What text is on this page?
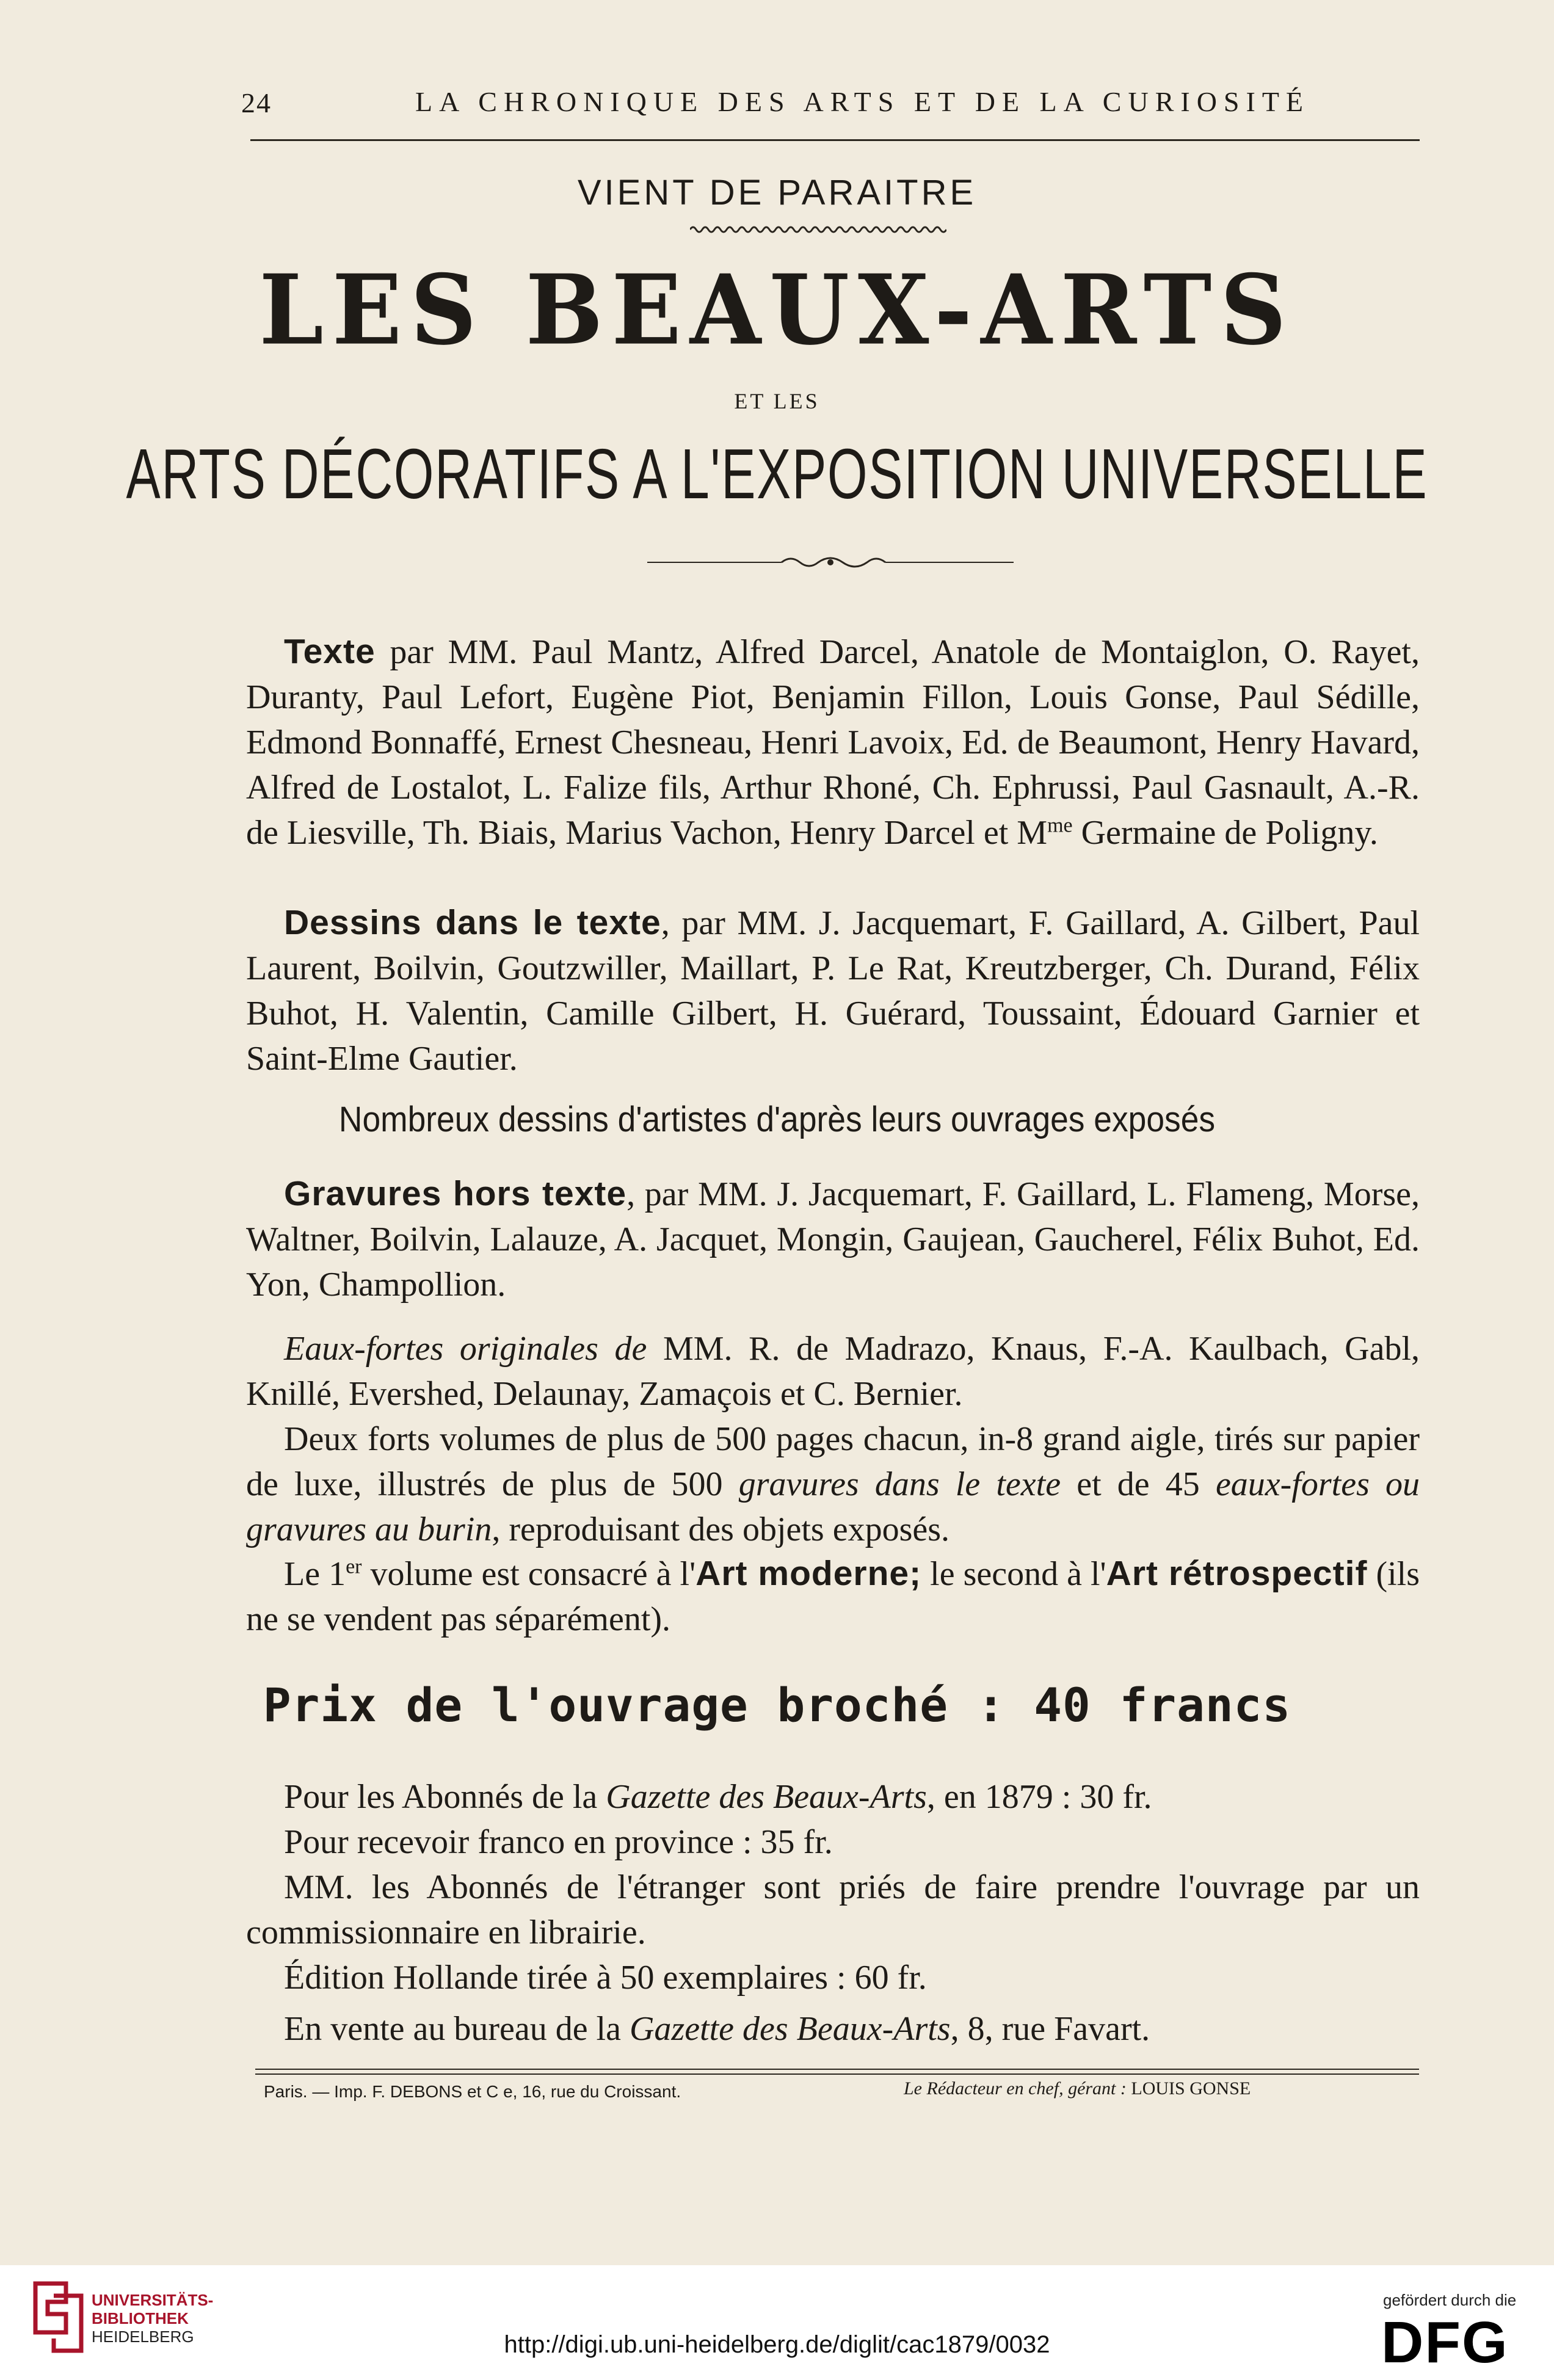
24	LA CHRONIQUE DES ARTS ET DE LA CURIOSITÉ
VIENT DE PARAITRE
LES BEAUX-ARTS
ET LES
ARTS DÉCORATIFS A L'EXPOSITION UNIVERSELLE
Texte par MM. Paul Mantz, Alfred Darcel, Anatole de Montaiglon, O. Rayet, Duranty, Paul Lefort, Eugène Piot, Benjamin Fillon, Louis Gonse, Paul Sédille, Edmond Bonnaffé, Ernest Chesneau, Henri Lavoix, Ed. de Beaumont, Henry Havard, Alfred de Lostalot, L. Falize fils, Arthur Rhoné, Ch. Ephrussi, Paul Gasnault, A.-R. de Liesville, Th. Biais, Marius Vachon, Henry Darcel et $M^{me}$ Germaine de Poligny.
Dessins dans le texte, par MM. J. Jacquemart, F. Gaillard, A. Gilbert, Paul Laurent, Boilvin, Goutzwiller, Maillart, P. Le Rat, Kreutzberger, Ch. Durand, Félix Buhot, H. Valentin, Camille Gilbert, H. Guérard, Toussaint, Édouard Garnier et Saint-Elme Gautier.
Nombreux dessins d'artistes d'après leurs ouvrages exposés
Gravures hors texte, par MM. J. Jacquemart, F. Gaillard, L. Flameng, Morse, Waltner, Boilvin, Lalauze, A. Jacquet, Mongin, Gaujean, Gaucherel, Félix Buhot, Ed. Yon, Champollion.
Eaux-fortes originales de MM. R. de Madrazo, Knaus, F.-A. Kaulbach, Gabl, Knillé, Evershed, Delaunay, Zamaçois et C. Bernier.
Deux forts volumes de plus de 500 pages chacun, in-8 grand aigle, tirés sur papier de luxe, illustrés de plus de 500 gravures dans le texte et de 45 eaux-fortes ou gravures au burin, reproduisant des objets exposés.
Le 1er volume est consacré à l'Art moderne; le second à l'Art rétrospectif (ils ne se vendent pas séparément).
Prix de l'ouvrage broché : 40 francs
Pour les Abonnés de la Gazette des Beaux-Arts, en 1879 : 30 fr.
Pour recevoir franco en province : 35 fr.
MM. les Abonnés de l'étranger sont priés de faire prendre l'ouvrage par un commissionnaire en librairie.
Édition Hollande tirée à 50 exemplaires : 60 fr.
En vente au bureau de la Gazette des Beaux-Arts, 8, rue Favart.
Paris. — Imp. F. DEBONS et C e, 16, rue du Croissant.	Le Rédacteur en chef, gérant : LOUIS GONSE
UNIVERSITÄTS-
BIBLIOTHEK
HEIDELBERG	http://digi.ub.uni-heidelberg.de/diglit/cac1879/0032
gefördert durch die
DFG
